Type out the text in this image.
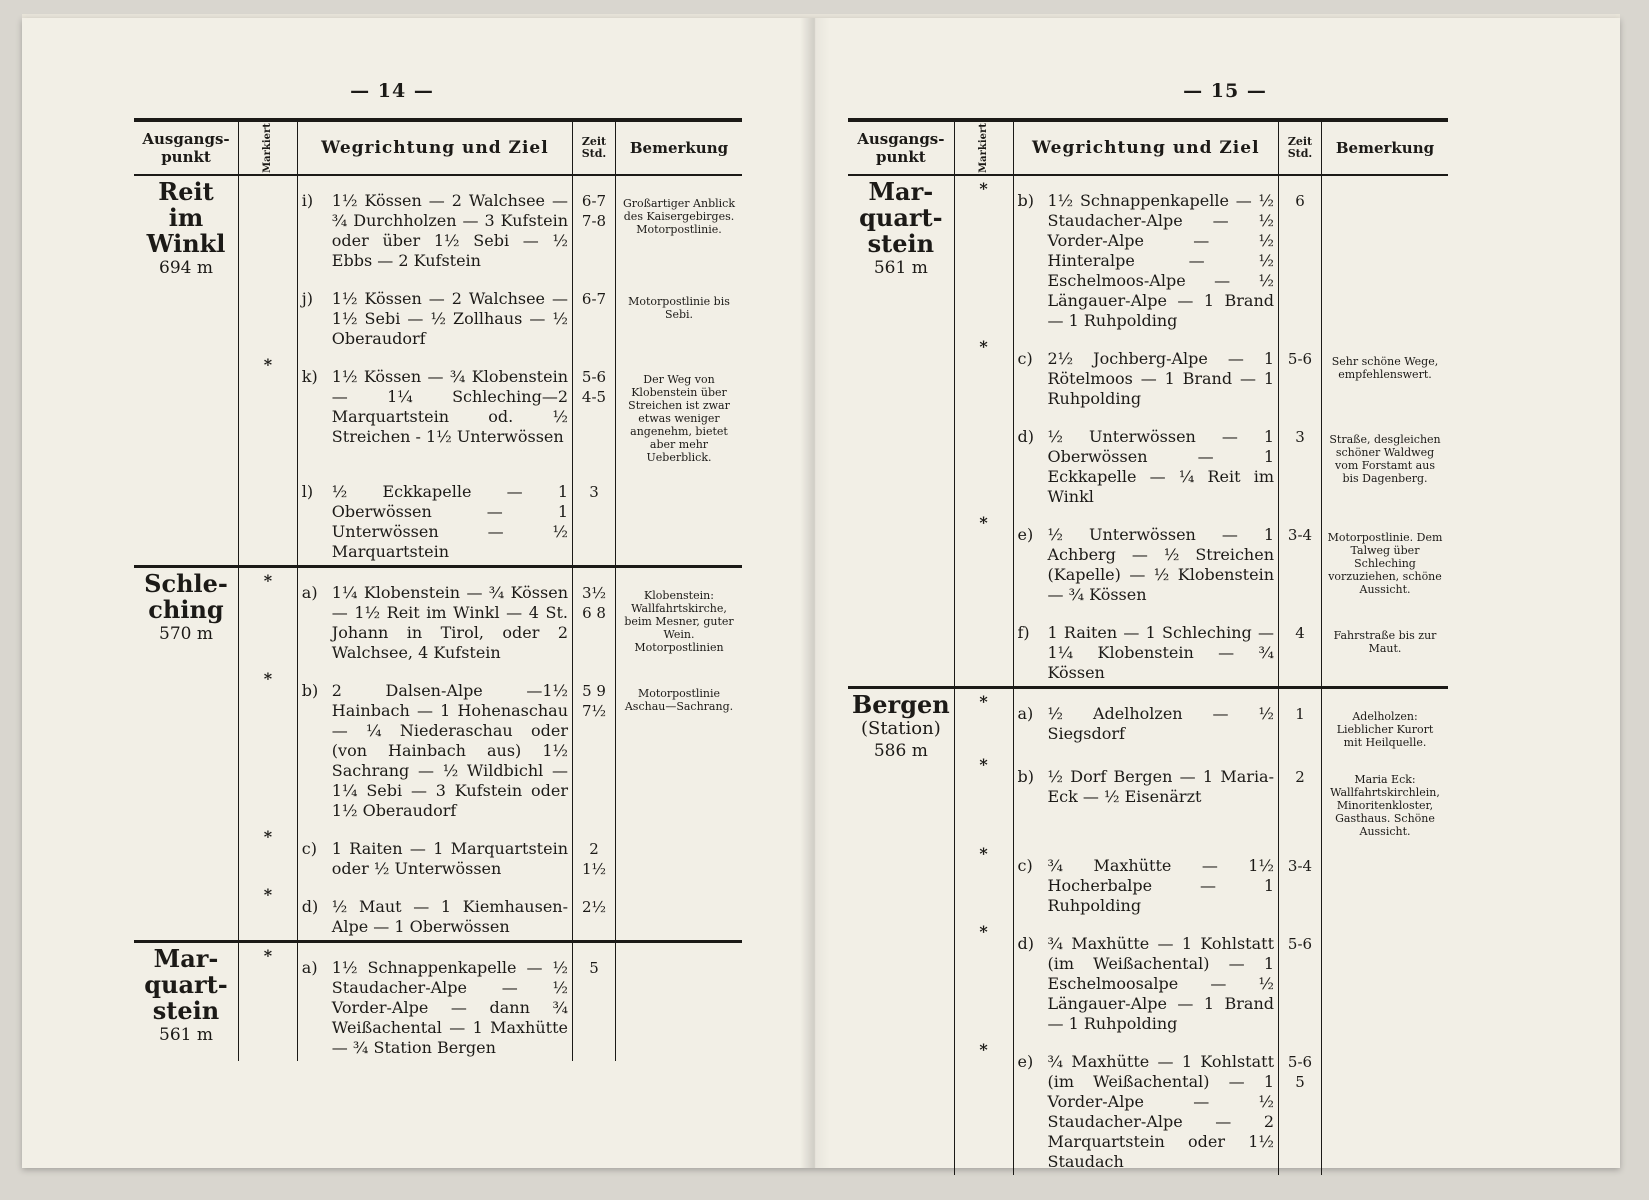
— 14 —
Ausgangs-punkt	Markiert	Wegrichtung und Ziel	Zeit Std.	Bemerkung

Reit im Winkl
694 m		i) 1½ Kössen — 2 Walchsee — ¾ Durchholzen — 3 Kufstein oder über 1½ Sebi — ½ Ebbs — 2 Kufstein	6-7 7-8	Großartiger Anblick des Kaisergebirges. Motorpostlinie.

		j) 1½ Kössen — 2 Walchsee — 1½ Sebi — ½ Zollhaus — ½ Oberaudorf	6-7	Motorpostlinie bis Sebi.

	*	k) 1½ Kössen — ¾ Klobenstein — 1¼ Schleching—2 Marquartstein od. ½ Streichen - 1½ Unterwössen	5-6 4-5	Der Weg von Klobenstein über Streichen ist zwar etwas weniger angenehm, bietet aber mehr Ueberblick.

		l) ½ Eckkapelle — 1 Oberwössen — 1 Unterwössen — ½ Marquartstein	3	

Schle-ching
570 m	*	a) 1¼ Klobenstein — ¾ Kössen — 1½ Reit im Winkl — 4 St. Johann in Tirol, oder 2 Walchsee, 4 Kufstein	3½ 6 8	Klobenstein: Wallfahrtskirche, beim Mesner, guter Wein. Motorpostlinien

	*	b) 2 Dalsen-Alpe —1½ Hainbach — 1 Hohenaschau — ¼ Niederaschau oder (von Hainbach aus) 1½ Sachrang — ½ Wildbichl — 1¼ Sebi — 3 Kufstein oder 1½ Oberaudorf	5 9 7½	Motorpostlinie Aschau—Sachrang.

	*	c) 1 Raiten — 1 Marquartstein oder ½ Unterwössen	2 1½	

	*	d) ½ Maut — 1 Kiemhausen-Alpe — 1 Oberwössen	2½	

Mar-quart-stein
561 m	*	a) 1½ Schnappenkapelle — ½ Staudacher-Alpe — ½ Vorder-Alpe — dann ¾ Weißachental — 1 Maxhütte — ¾ Station Bergen	5	

— 15 —
Ausgangs-punkt	Markiert	Wegrichtung und Ziel	Zeit Std.	Bemerkung

Mar-quart-stein
561 m	*	b) 1½ Schnappenkapelle — ½ Staudacher-Alpe — ½ Vorder-Alpe — ½ Hinteralpe — ½ Eschelmoos-Alpe — ½ Längauer-Alpe — 1 Brand — 1 Ruhpolding	6	

	*	c) 2½ Jochberg-Alpe — 1 Rötelmoos — 1 Brand — 1 Ruhpolding	5-6	Sehr schöne Wege, empfehlenswert.

		d) ½ Unterwössen — 1 Oberwössen — 1 Eckkapelle — ¼ Reit im Winkl	3	Straße, desgleichen schöner Waldweg vom Forstamt aus bis Dagenberg.

	*	e) ½ Unterwössen — 1 Achberg — ½ Streichen (Kapelle) — ½ Klobenstein — ¾ Kössen	3-4	Motorpostlinie. Dem Talweg über Schleching vorzuziehen, schöne Aussicht.

		f) 1 Raiten — 1 Schleching — 1¼ Klobenstein — ¾ Kössen	4	Fahrstraße bis zur Maut.

Bergen
(Station)
586 m	*	a) ½ Adelholzen — ½ Siegsdorf	1	Adelholzen: Lieblicher Kurort mit Heilquelle.

	*	b) ½ Dorf Bergen — 1 Maria-Eck — ½ Eisenärzt	2	Maria Eck: Wallfahrtskirchlein, Minoritenkloster, Gasthaus. Schöne Aussicht.

	*	c) ¾ Maxhütte — 1½ Hocherbalpe — 1 Ruhpolding	3-4	

	*	d) ¾ Maxhütte — 1 Kohlstatt (im Weißachental) — 1 Eschelmoosalpe — ½ Längauer-Alpe — 1 Brand — 1 Ruhpolding	5-6	

	*	e) ¾ Maxhütte — 1 Kohlstatt (im Weißachental) — 1 Vorder-Alpe — ½ Staudacher-Alpe — 2 Marquartstein oder 1½ Staudach	5-6 5	
